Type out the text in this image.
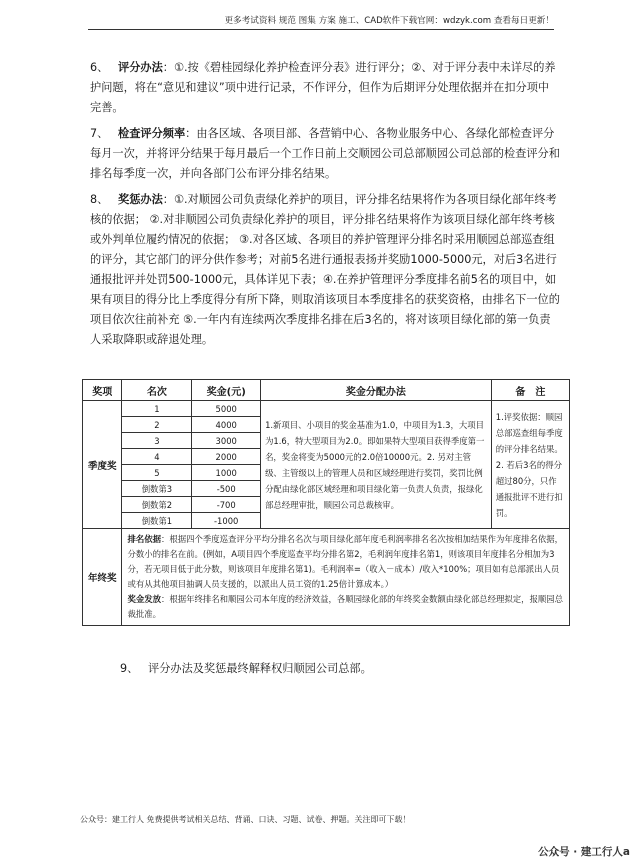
更多考试资料 规范 图集 方案 施工、CAD软件下载官网：wdzyk.com 查看每日更新！

6、 评分办法：①.按《碧桂园绿化养护检查评分表》进行评分；②、对于评分表中未详尽的养护问题，将在“意见和建议”项中进行记录，不作评分，但作为后期评分处理依据并在扣分项中完善。

7、 检查评分频率：由各区域、各项目部、各营销中心、各物业服务中心、各绿化部检查评分每月一次，并将评分结果于每月最后一个工作日前上交顺园公司总部顺园公司总部的检查评分和排名每季度一次，并向各部门公布评分排名结果。

8、 奖惩办法：①.对顺园公司负责绿化养护的项目，评分排名结果将作为各项目绿化部年终考核的依据； ②.对非顺园公司负责绿化养护的项目，评分排名结果将作为该项目绿化部年终考核或外判单位履约情况的依据； ③.对各区域、各项目的养护管理评分排名时采用顺园总部巡查组的评分，其它部门的评分供作参考；对前5名进行通报表扬并奖励1000-5000元，对后3名进行通报批评并处罚500-1000元，具体详见下表；④.在养护管理评分季度排名前5名的项目中，如果有项目的得分比上季度得分有所下降，则取消该项目本季度排名的获奖资格，由排名下一位的项目依次往前补充 ⑤.一年内有连续两次季度排名排在后3名的，将对该项目绿化部的第一负责人采取降职或辞退处理。

奖项	名次	奖金(元)	奖金分配办法	备　注
季度奖	1	5000	1.新项目、小项目的奖金基准为1.0，中项目为1.3，大项目为1.6，特大型项目为2.0。即如果特大型项目获得季度第一名，奖金将变为5000元的2.0倍10000元。2. 另对主管级、主管级以上的管理人员和区域经理进行奖罚，奖罚比例分配由绿化部区域经理和项目绿化第一负责人负责，报绿化部总经理审批，顺园公司总裁核审。	1.评奖依据：顺园总部巡查组每季度的评分排名结果。2. 若后3名的得分超过80分，只作通报批评不进行扣罚。
	2	4000		
	3	3000		
	4	2000		
	5	1000		
	倒数第3	-500		
	倒数第2	-700		
	倒数第1	-1000		
年终奖	排名依据：根据四个季度巡查评分平均分排名名次与项目绿化部年度毛利润率排名名次按相加结果作为年度排名依据，分数小的排名在前。(例如，A项目四个季度巡查平均分排名第2，毛利润年度排名第1，则该项目年度排名分相加为3分，若无项目低于此分数，则该项目年度排名第1)。毛利润率=（收入－成本）/收入*100%；项目如有总部派出人员或有从其他项目抽调人员支援的，以派出人员工资的1.25倍计算成本。）
奖金发放：根据年终排名和顺园公司本年度的经济效益，各顺园绿化部的年终奖金数额由绿化部总经理拟定，报顺园总裁批准。			
9、 评分办法及奖惩最终解释权归顺园公司总部。
公众号：建工行人 免费提供考试相关总结、背诵、口诀、习题、试卷、押题。关注即可下载！
公众号 · 建工行人a
